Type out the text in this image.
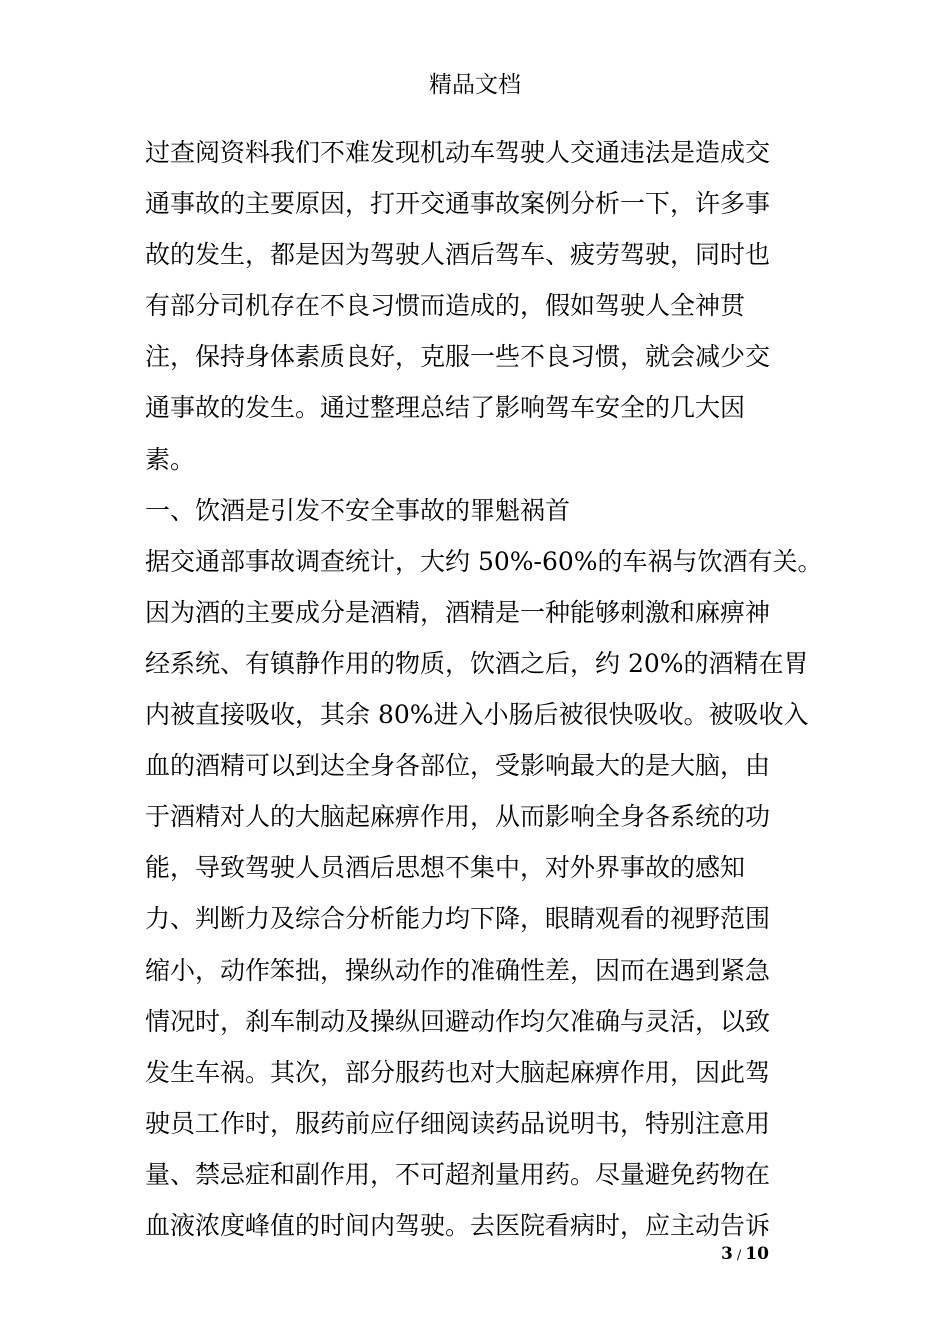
精品文档
过查阅资料我们不难发现机动车驾驶人交通违法是造成交
通事故的主要原因，打开交通事故案例分析一下，许多事
故的发生，都是因为驾驶人酒后驾车、疲劳驾驶，同时也
有部分司机存在不良习惯而造成的，假如驾驶人全神贯
注，保持身体素质良好，克服一些不良习惯，就会减少交
通事故的发生。通过整理总结了影响驾车安全的几大因
素。
一、饮酒是引发不安全事故的罪魁祸首
据交通部事故调查统计，大约 50%-60%的车祸与饮酒有关。
因为酒的主要成分是酒精，酒精是一种能够刺激和麻痹神
经系统、有镇静作用的物质，饮酒之后，约 20%的酒精在胃
内被直接吸收，其余 80%进入小肠后被很快吸收。被吸收入
血的酒精可以到达全身各部位，受影响最大的是大脑，由
于酒精对人的大脑起麻痹作用，从而影响全身各系统的功
能，导致驾驶人员酒后思想不集中，对外界事故的感知
力、判断力及综合分析能力均下降，眼睛观看的视野范围
缩小，动作笨拙，操纵动作的准确性差，因而在遇到紧急
情况时，刹车制动及操纵回避动作均欠准确与灵活，以致
发生车祸。其次，部分服药也对大脑起麻痹作用，因此驾
驶员工作时，服药前应仔细阅读药品说明书，特别注意用
量、禁忌症和副作用，不可超剂量用药。尽量避免药物在
血液浓度峰值的时间内驾驶。去医院看病时，应主动告诉
3 / 10
